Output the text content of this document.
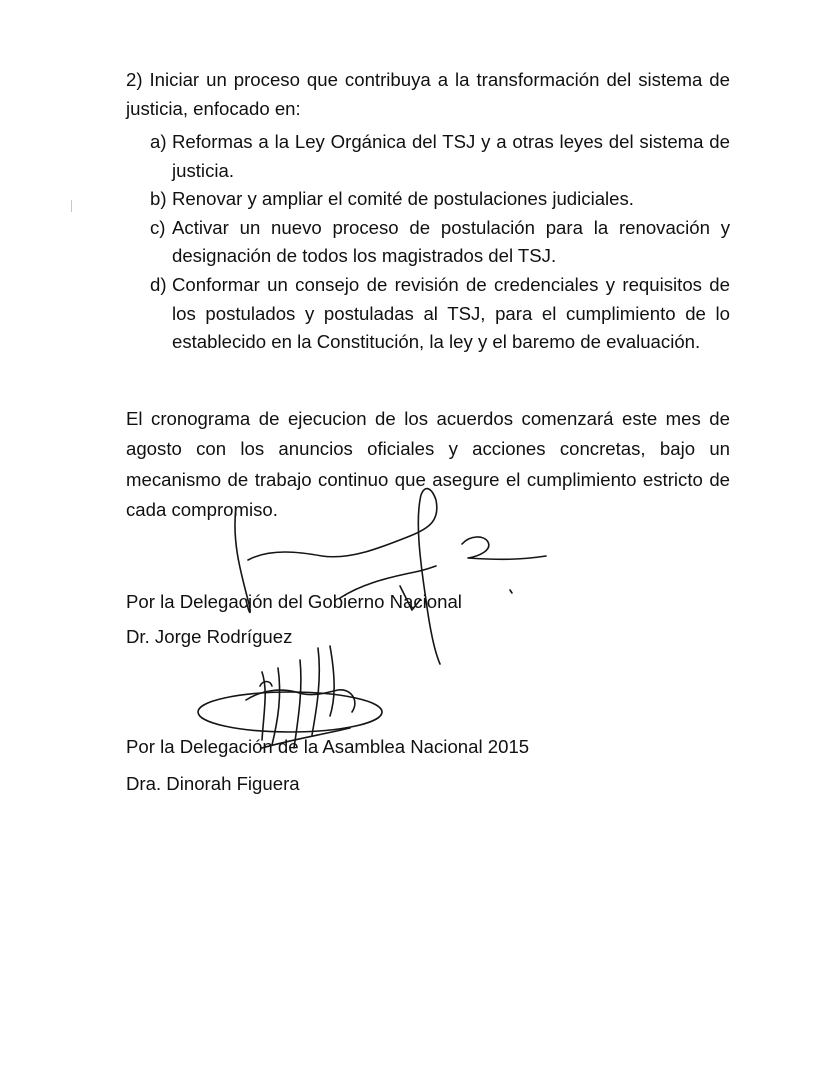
2) Iniciar un proceso que contribuya a la transformación del sistema de justicia, enfocado en:

a) Reformas a la Ley Orgánica del TSJ y a otras leyes del sistema de justicia.
b) Renovar y ampliar el comité de postulaciones judiciales.
c) Activar un nuevo proceso de postulación para la renovación y designación de todos los magistrados del TSJ.
d) Conformar un consejo de revisión de credenciales y requisitos de los postulados y postuladas al TSJ, para el cumplimiento de lo establecido en la Constitución, la ley y el baremo de evaluación.

El cronograma de ejecucion de los acuerdos comenzará este mes de agosto con los anuncios oficiales y acciones concretas, bajo un mecanismo de trabajo continuo que asegure el cumplimiento estricto de cada compromiso.

Por la Delegación del Gobierno Nacional
Dr. Jorge Rodríguez
Por la Delegación de la Asamblea Nacional 2015
Dra. Dinorah Figuera
